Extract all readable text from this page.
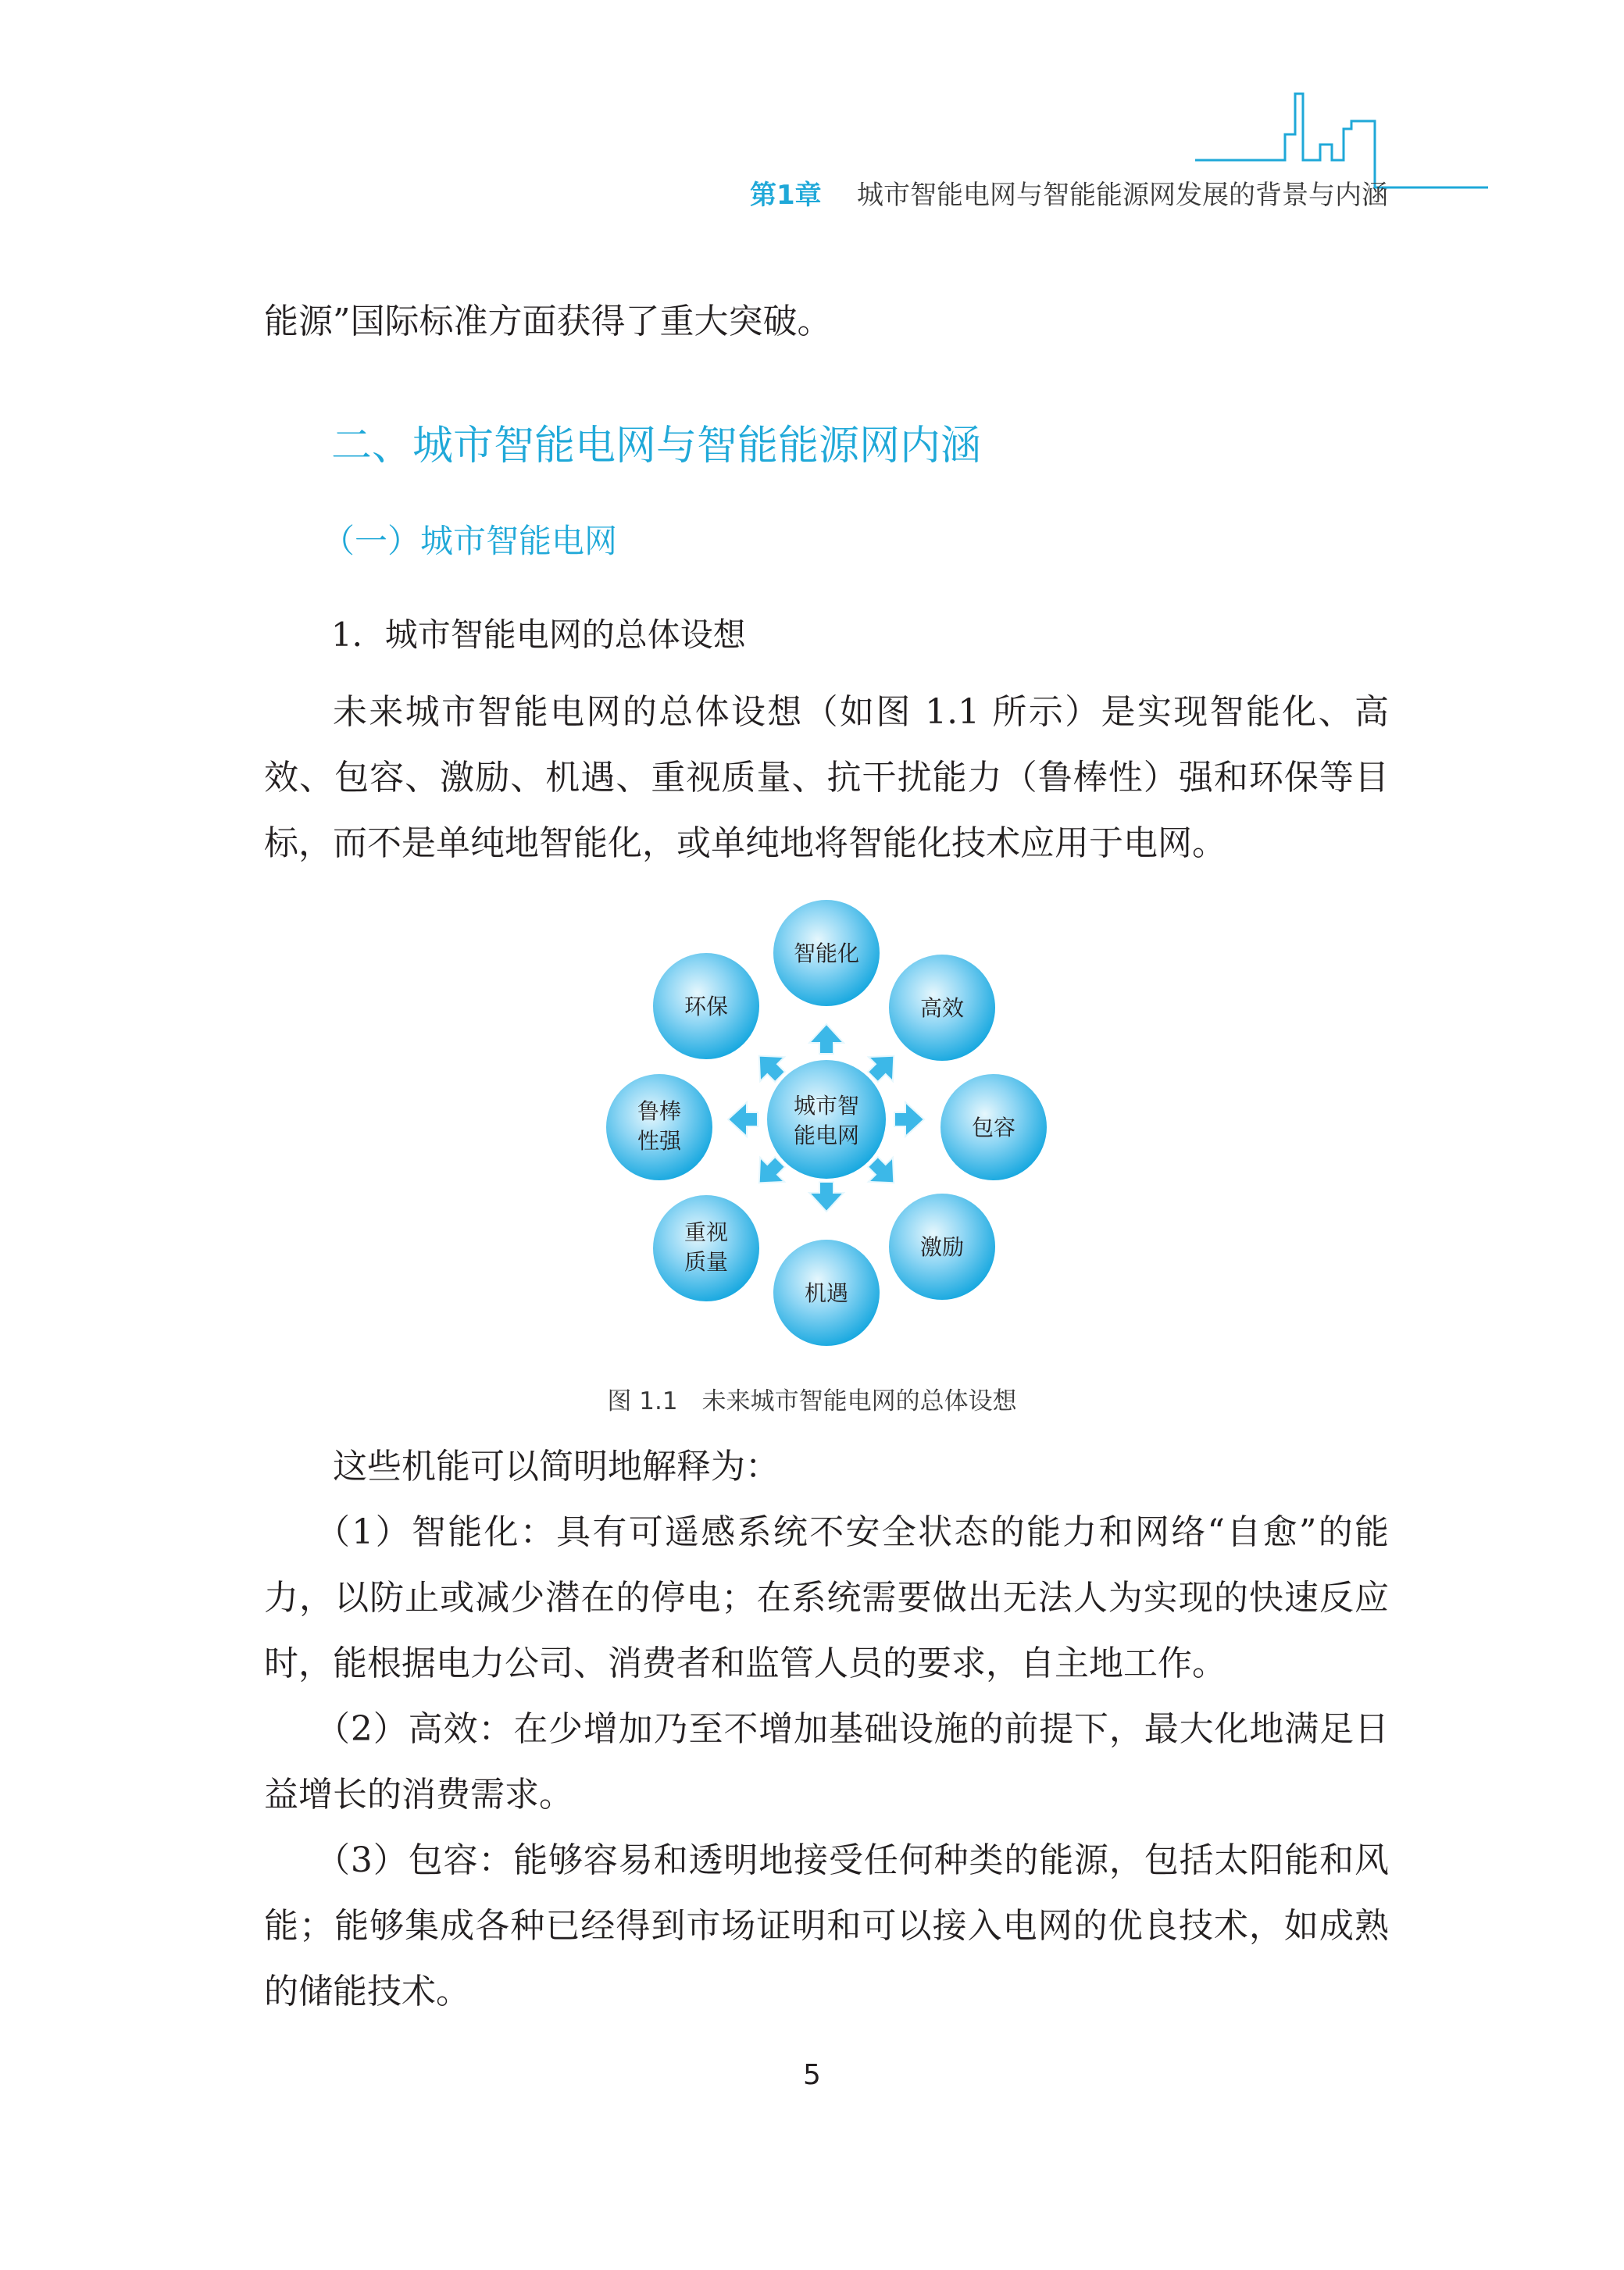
第1章 城市智能电网与智能能源网发展的背景与内涵

能源”国际标准方面获得了重大突破。

二、城市智能电网与智能能源网内涵
（一）城市智能电网
1．城市智能电网的总体设想

未来城市智能电网的总体设想（如图 1.1 所示）是实现智能化、高效、包容、激励、机遇、重视质量、抗干扰能力（鲁棒性）强和环保等目标，而不是单纯地智能化，或单纯地将智能化技术应用于电网。

城市智
能电网
智能化
高效
包容
激励
机遇
重视
质量
鲁棒
性强
环保
图 1.1　未来城市智能电网的总体设想

这些机能可以简明地解释为：

（1）智能化：具有可遥感系统不安全状态的能力和网络“自愈”的能力，以防止或减少潜在的停电；在系统需要做出无法人为实现的快速反应时，能根据电力公司、消费者和监管人员的要求，自主地工作。

（2）高效：在少增加乃至不增加基础设施的前提下，最大化地满足日益增长的消费需求。

（3）包容：能够容易和透明地接受任何种类的能源，包括太阳能和风能；能够集成各种已经得到市场证明和可以接入电网的优良技术，如成熟的储能技术。

5
